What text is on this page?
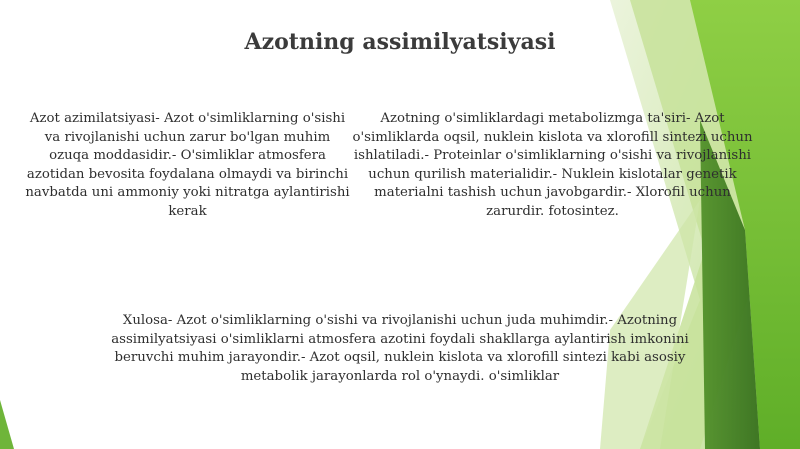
Azotning assimilyatsiyasi

Azot azimilatsiyasi- Azot o'simliklarning o'sishi va rivojlanishi uchun zarur bo'lgan muhim ozuqa moddasidir.- O'simliklar atmosfera azotidan bevosita foydalana olmaydi va birinchi navbatda uni ammoniy yoki nitratga aylantirishi kerak

Azotning o'simliklardagi metabolizmga ta'siri- Azot o'simliklarda oqsil, nuklein kislota va xlorofill sintezi uchun ishlatiladi.- Proteinlar o'simliklarning o'sishi va rivojlanishi uchun qurilish materialidir.- Nuklein kislotalar genetik materialni tashish uchun javobgardir.- Xlorofil uchun zarurdir. fotosintez.

Xulosa- Azot o'simliklarning o'sishi va rivojlanishi uchun juda muhimdir.- Azotning assimilyatsiyasi o'simliklarni atmosfera azotini foydali shakllarga aylantirish imkonini beruvchi muhim jarayondir.- Azot oqsil, nuklein kislota va xlorofill sintezi kabi asosiy metabolik jarayonlarda rol o'ynaydi. o'simliklar
